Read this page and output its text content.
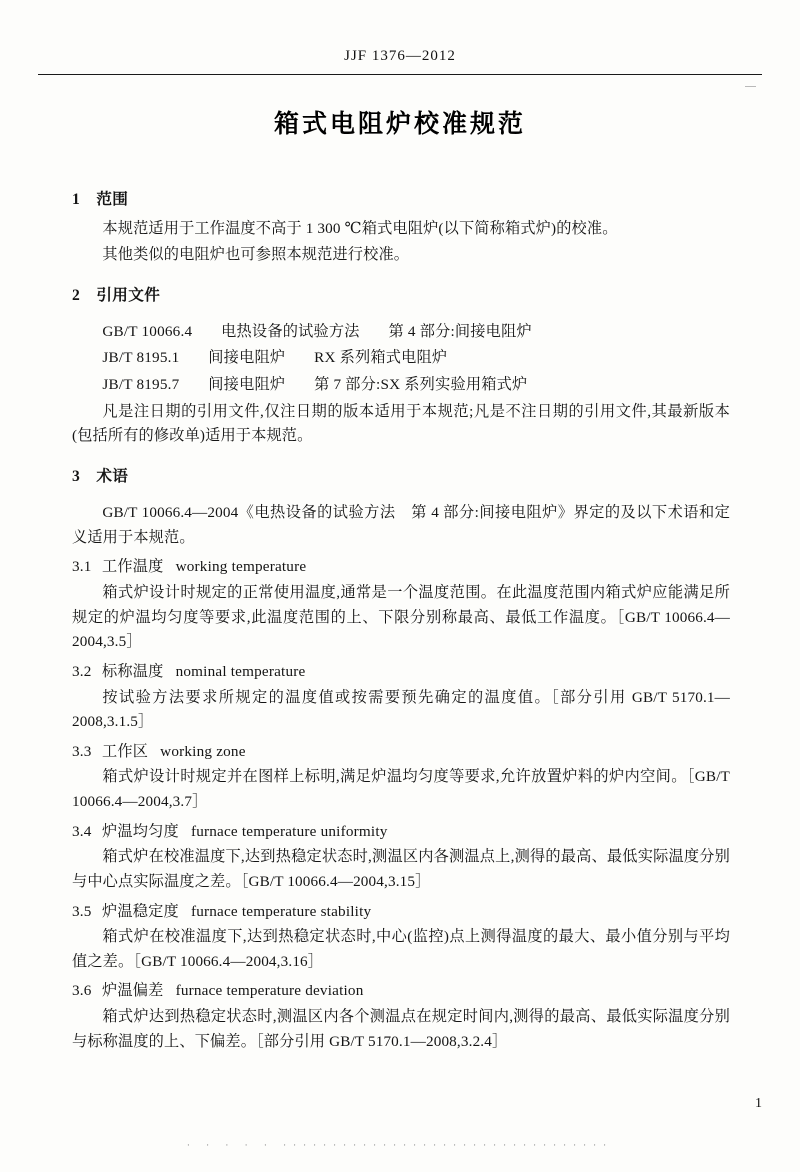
JJF 1376—2012
箱式电阻炉校准规范
1 范围

本规范适用于工作温度不高于 1 300 ℃箱式电阻炉(以下简称箱式炉)的校准。

其他类似的电阻炉也可参照本规范进行校准。

2 引用文件

GB/T 10066.4 电热设备的试验方法 第 4 部分:间接电阻炉

JB/T 8195.1 间接电阻炉 RX 系列箱式电阻炉

JB/T 8195.7 间接电阻炉 第 7 部分:SX 系列实验用箱式炉

凡是注日期的引用文件,仅注日期的版本适用于本规范;凡是不注日期的引用文件,其最新版本(包括所有的修改单)适用于本规范。

3 术语

GB/T 10066.4—2004《电热设备的试验方法　第 4 部分:间接电阻炉》界定的及以下术语和定义适用于本规范。

3.1 工作温度 working temperature

箱式炉设计时规定的正常使用温度,通常是一个温度范围。在此温度范围内箱式炉应能满足所规定的炉温均匀度等要求,此温度范围的上、下限分别称最高、最低工作温度。［GB/T 10066.4—2004,3.5］

3.2 标称温度 nominal temperature

按试验方法要求所规定的温度值或按需要预先确定的温度值。［部分引用 GB/T 5170.1—2008,3.1.5］

3.3 工作区 working zone

箱式炉设计时规定并在图样上标明,满足炉温均匀度等要求,允许放置炉料的炉内空间。［GB/T 10066.4—2004,3.7］

3.4 炉温均匀度 furnace temperature uniformity

箱式炉在校准温度下,达到热稳定状态时,测温区内各测温点上,测得的最高、最低实际温度分别与中心点实际温度之差。［GB/T 10066.4—2004,3.15］

3.5 炉温稳定度 furnace temperature stability

箱式炉在校准温度下,达到热稳定状态时,中心(监控)点上测得温度的最大、最小值分别与平均值之差。［GB/T 10066.4—2004,3.16］

3.6 炉温偏差 furnace temperature deviation

箱式炉达到热稳定状态时,测温区内各个测温点在规定时间内,测得的最高、最低实际温度分别与标称温度的上、下偏差。［部分引用 GB/T 5170.1—2008,3.2.4］

1
· · · · · ·································
